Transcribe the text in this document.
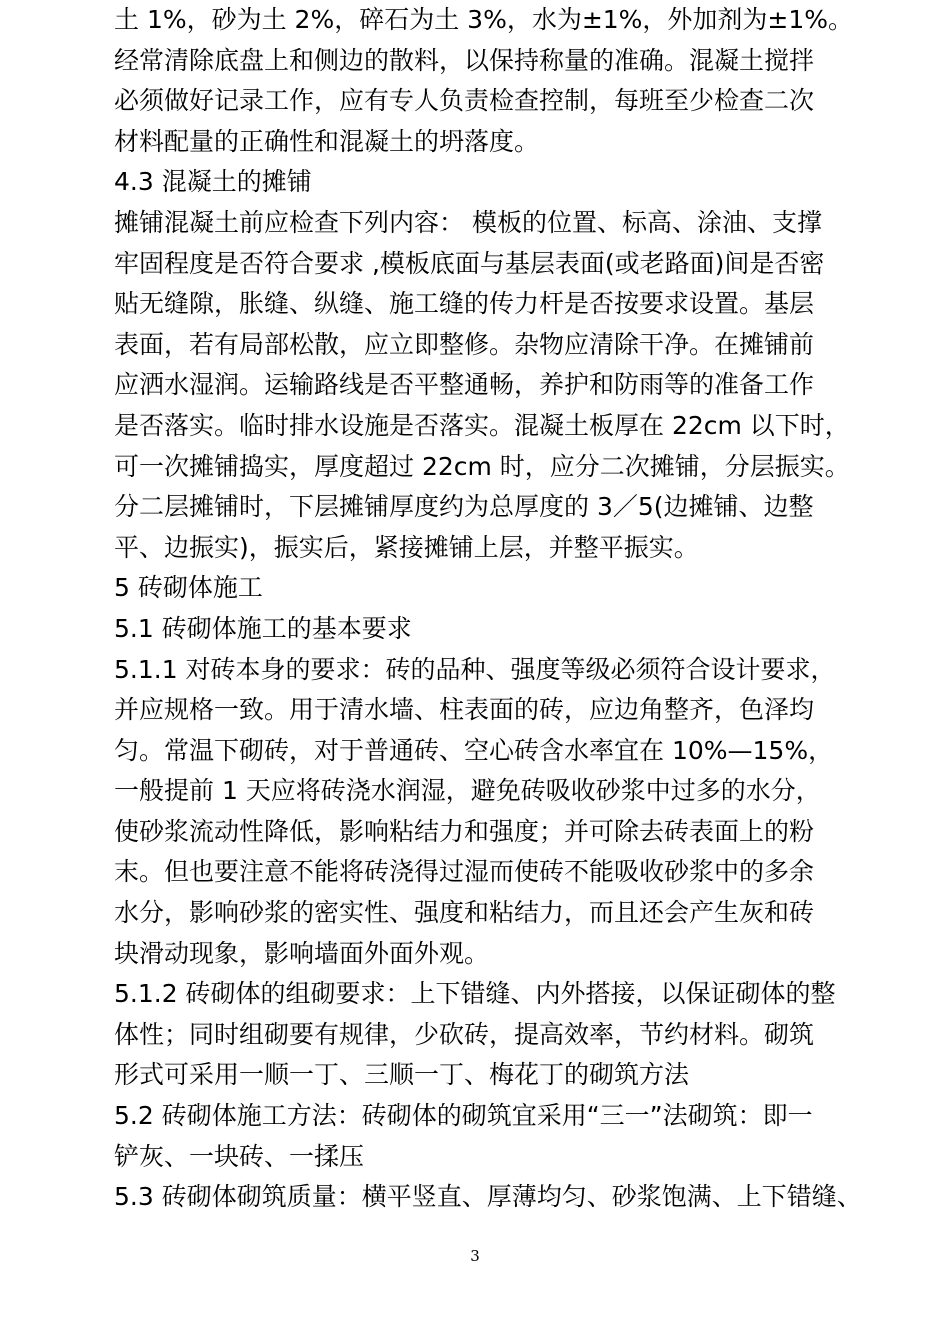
土 1%，砂为土 2%，碎石为土 3%，水为±1%，外加剂为±1%。
经常清除底盘上和侧边的散料，以保持称量的准确。混凝土搅拌
必须做好记录工作，应有专人负责检查控制，每班至少检查二次
材料配量的正确性和混凝土的坍落度。
4.3 混凝土的摊铺
摊铺混凝土前应检查下列内容： 模板的位置、标高、涂油、支撑
牢固程度是否符合要求 ,模板底面与基层表面(或老路面)间是否密
贴无缝隙，胀缝、纵缝、施工缝的传力杆是否按要求设置。基层
表面，若有局部松散，应立即整修。杂物应清除干净。在摊铺前
应洒水湿润。运输路线是否平整通畅，养护和防雨等的准备工作
是否落实。临时排水设施是否落实。混凝土板厚在 22cm 以下时，
可一次摊铺捣实，厚度超过 22cm 时，应分二次摊铺，分层振实。
分二层摊铺时，下层摊铺厚度约为总厚度的 3／5(边摊铺、边整
平、边振实)，振实后，紧接摊铺上层，并整平振实。
5 砖砌体施工
5.1 砖砌体施工的基本要求
5.1.1 对砖本身的要求：砖的品种、强度等级必须符合设计要求，
并应规格一致。用于清水墙、柱表面的砖，应边角整齐，色泽均
匀。常温下砌砖，对于普通砖、空心砖含水率宜在 10%—15%，
一般提前 1 天应将砖浇水润湿，避免砖吸收砂浆中过多的水分，
使砂浆流动性降低，影响粘结力和强度；并可除去砖表面上的粉
末。但也要注意不能将砖浇得过湿而使砖不能吸收砂浆中的多余
水分，影响砂浆的密实性、强度和粘结力，而且还会产生灰和砖
块滑动现象，影响墙面外面外观。
5.1.2 砖砌体的组砌要求：上下错缝、内外搭接，以保证砌体的整
体性；同时组砌要有规律，少砍砖，提高效率，节约材料。砌筑
形式可采用一顺一丁、三顺一丁、梅花丁的砌筑方法
5.2 砖砌体施工方法：砖砌体的砌筑宜采用“三一”法砌筑：即一
铲灰、一块砖、一揉压
5.3 砖砌体砌筑质量：横平竖直、厚薄均匀、砂浆饱满、上下错缝、
3
